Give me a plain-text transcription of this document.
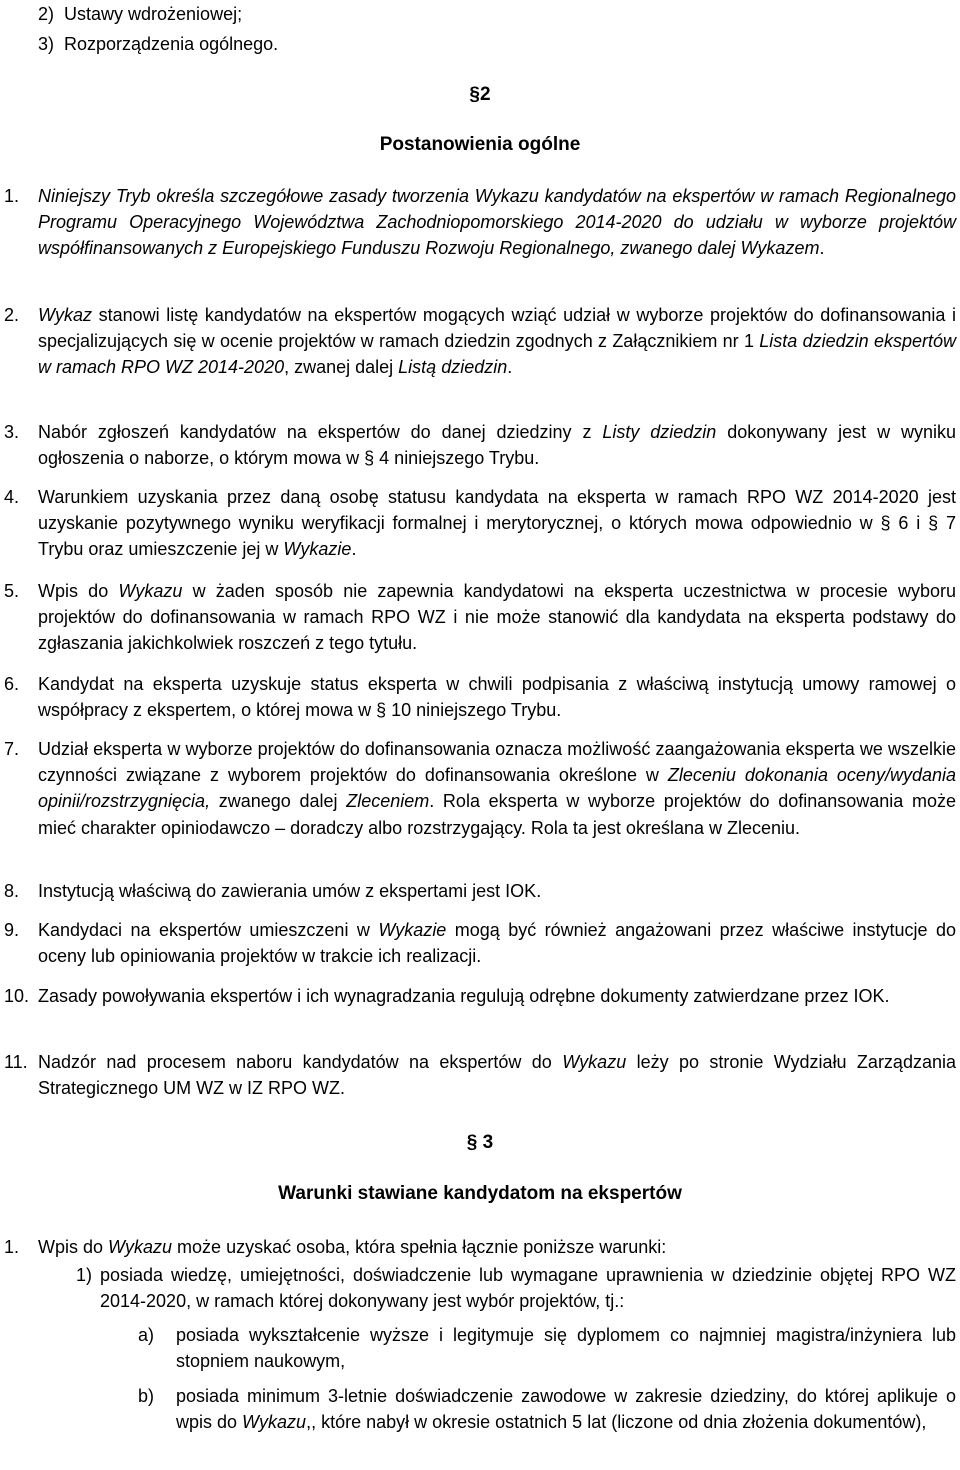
2)  Ustawy wdrożeniowej;
3)  Rozporządzenia ogólnego.
§2
Postanowienia ogólne
1. Niniejszy Tryb określa szczegółowe zasady tworzenia Wykazu kandydatów na ekspertów w ramach Regionalnego Programu Operacyjnego Województwa Zachodniopomorskiego 2014-2020 do udziału w wyborze projektów współfinansowanych z Europejskiego Funduszu Rozwoju Regionalnego, zwanego dalej Wykazem.
2. Wykaz stanowi listę kandydatów na ekspertów mogących wziąć udział w wyborze projektów do dofinansowania i specjalizujących się w ocenie projektów w ramach dziedzin zgodnych z Załącznikiem nr 1 Lista dziedzin ekspertów w ramach RPO WZ 2014-2020, zwanej dalej Listą dziedzin.
3. Nabór zgłoszeń kandydatów na ekspertów do danej dziedziny z Listy dziedzin dokonywany jest w wyniku ogłoszenia o naborze, o którym mowa w § 4 niniejszego Trybu.
4. Warunkiem uzyskania przez daną osobę statusu kandydata na eksperta w ramach RPO WZ 2014-2020 jest uzyskanie pozytywnego wyniku weryfikacji formalnej i merytorycznej, o których mowa odpowiednio w § 6 i § 7 Trybu oraz umieszczenie jej w Wykazie.
5. Wpis do Wykazu w żaden sposób nie zapewnia kandydatowi na eksperta uczestnictwa w procesie wyboru projektów do dofinansowania w ramach RPO WZ i nie może stanowić dla kandydata na eksperta podstawy do zgłaszania jakichkolwiek roszczeń z tego tytułu.
6. Kandydat na eksperta uzyskuje status eksperta w chwili podpisania z właściwą instytucją umowy ramowej o współpracy z ekspertem, o której mowa w § 10 niniejszego Trybu.
7. Udział eksperta w wyborze projektów do dofinansowania oznacza możliwość zaangażowania eksperta we wszelkie czynności związane z wyborem projektów do dofinansowania określone w Zleceniu dokonania oceny/wydania opinii/rozstrzygnięcia, zwanego dalej Zleceniem. Rola eksperta w wyborze projektów do dofinansowania może mieć charakter opiniodawczo – doradczy albo rozstrzygający. Rola ta jest określana w Zleceniu.
8. Instytucją właściwą do zawierania umów z ekspertami jest IOK.
9. Kandydaci na ekspertów umieszczeni w Wykazie mogą być również angażowani przez właściwe instytucje do oceny lub opiniowania projektów w trakcie ich realizacji.
10. Zasady powoływania ekspertów i ich wynagradzania regulują odrębne dokumenty zatwierdzane przez IOK.
11. Nadzór nad procesem naboru kandydatów na ekspertów do Wykazu leży po stronie Wydziału Zarządzania Strategicznego UM WZ w IZ RPO WZ.
§ 3
Warunki stawiane kandydatom na ekspertów
1. Wpis do Wykazu może uzyskać osoba, która spełnia łącznie poniższe warunki:
1) posiada wiedzę, umiejętności, doświadczenie lub wymagane uprawnienia w dziedzinie objętej RPO WZ 2014-2020, w ramach której dokonywany jest wybór projektów, tj.:
a) posiada wykształcenie wyższe i legitymuje się dyplomem co najmniej magistra/inżyniera lub stopniem naukowym,
b) posiada minimum 3-letnie doświadczenie zawodowe w zakresie dziedziny, do której aplikuje o wpis do Wykazu,, które nabył w okresie ostatnich 5 lat (liczone od dnia złożenia dokumentów),
